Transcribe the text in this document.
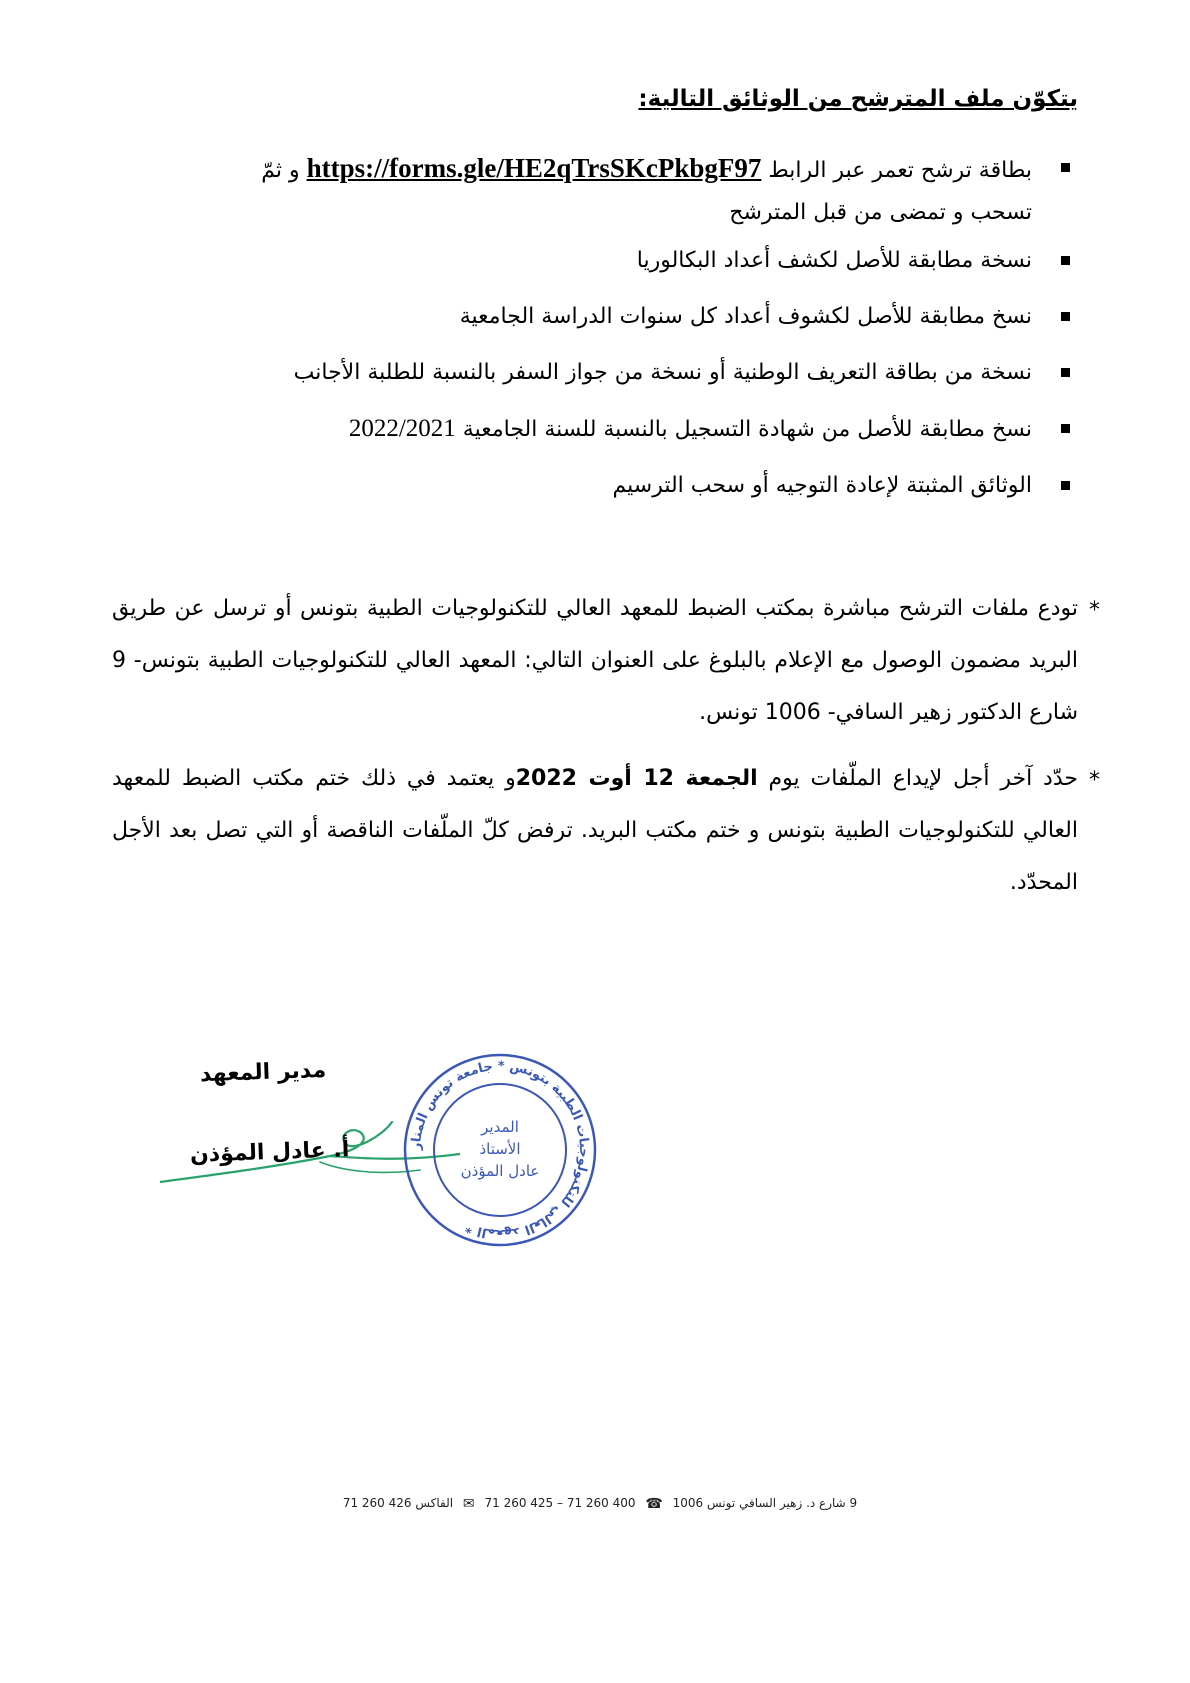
يتكوّن ملف المترشح من الوثائق التالية:
بطاقة ترشح تعمر عبر الرابط https://forms.gle/HE2qTrsSKcPkbgF97 و ثمّ
تسحب و تمضى من قبل المترشح
نسخة مطابقة للأصل لكشف أعداد البكالوريا
نسخ مطابقة للأصل لكشوف أعداد كل سنوات الدراسة الجامعية
نسخة من بطاقة التعريف الوطنية أو نسخة من جواز السفر بالنسبة للطلبة الأجانب
نسخ مطابقة للأصل من شهادة التسجيل بالنسبة للسنة الجامعية 2022/2021
الوثائق المثبتة لإعادة التوجيه أو سحب الترسيم
*
تودع ملفات الترشح مباشرة بمكتب الضبط للمعهد العالي للتكنولوجيات الطبية بتونس أو ترسل عن طريق البريد مضمون الوصول مع الإعلام بالبلوغ على العنوان التالي: المعهد العالي للتكنولوجيات الطبية بتونس- 9 شارع الدكتور زهير السافي- 1006 تونس.
*
حدّد آخر أجل لإيداع الملّفات يوم الجمعة 12 أوت 2022و يعتمد في ذلك ختم مكتب الضبط للمعهد العالي للتكنولوجيات الطبية بتونس و ختم مكتب البريد. ترفض كلّ الملّفات الناقصة أو التي تصل بعد الأجل المحدّد.
مدير المعهد
أ. عادل المؤذن	المعهد العالي للتكنولوجيات الطبية بتونس * جامعة تونس المنار *
المدير
الأستاذ
عادل المؤذن
9 شارع د. زهير السافي تونس 1006 ☎ 71 260 425 – 71 260 400 ✉ الفاكس 71 260 426
